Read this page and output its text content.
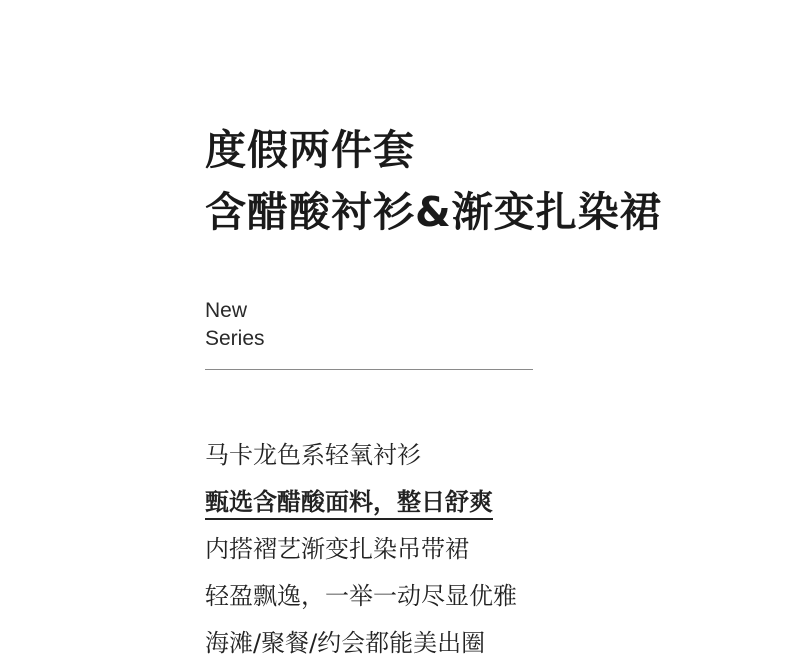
度假两件套
含醋酸衬衫&渐变扎染裙
New
Series
马卡龙色系轻氧衬衫
甄选含醋酸面料，整日舒爽
内搭褶艺渐变扎染吊带裙
轻盈飘逸，一举一动尽显优雅
海滩/聚餐/约会都能美出圈
